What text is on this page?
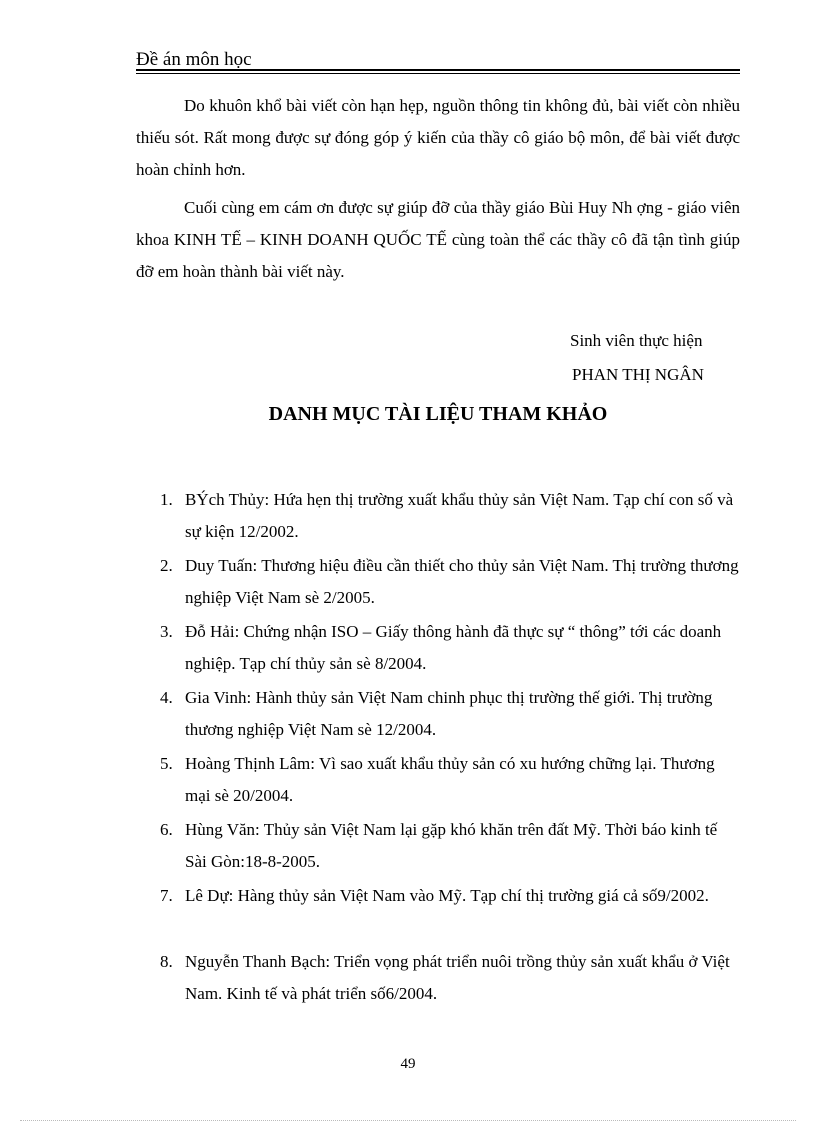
Đề án môn học

Do khuôn khổ bài viết còn hạn hẹp, nguồn thông tin không đủ, bài viết còn nhiều thiếu sót. Rất mong được sự đóng góp ý kiến của thầy cô giáo bộ môn, để bài viết được hoàn chỉnh hơn.

Cuối cùng em cám ơn được sự giúp đỡ của thầy giáo Bùi Huy Nh ợng - giáo viên khoa KINH TẾ – KINH DOANH QUỐC TẾ cùng toàn thể các thầy cô đã tận tình giúp đỡ em hoàn thành bài viết này.

Sinh viên thực hiện
PHAN THỊ NGÂN
DANH MỤC TÀI LIỆU THAM KHẢO
1. BÝch Thủy: Hứa hẹn thị trường xuất khẩu thủy sản Việt Nam. Tạp chí con số và sự kiện 12/2002.
2. Duy Tuấn: Thương hiệu điều cần thiết cho thủy sản Việt Nam. Thị trường thương nghiệp Việt Nam sè 2/2005.
3. Đỗ Hải: Chứng nhận ISO – Giấy thông hành đã thực sự “ thông” tới các doanh nghiệp. Tạp chí thủy sản sè 8/2004.
4. Gia Vinh: Hành thủy sản Việt Nam chinh phục thị trường thế giới. Thị trường thương nghiệp Việt Nam sè 12/2004.
5. Hoàng Thịnh Lâm: Vì sao xuất khẩu thủy sản có xu hướng chững lại. Thương mại sè 20/2004.
6. Hùng Văn: Thủy sản Việt Nam lại gặp khó khăn trên đất Mỹ. Thời báo kinh tế Sài Gòn:18-8-2005.
7. Lê Dự: Hàng thủy sản Việt Nam vào Mỹ. Tạp chí thị trường giá cả số9/2002.
8. Nguyễn Thanh Bạch: Triển vọng phát triển nuôi trồng thủy sản xuất khẩu ở Việt Nam. Kinh tế và phát triển số6/2004.
49
